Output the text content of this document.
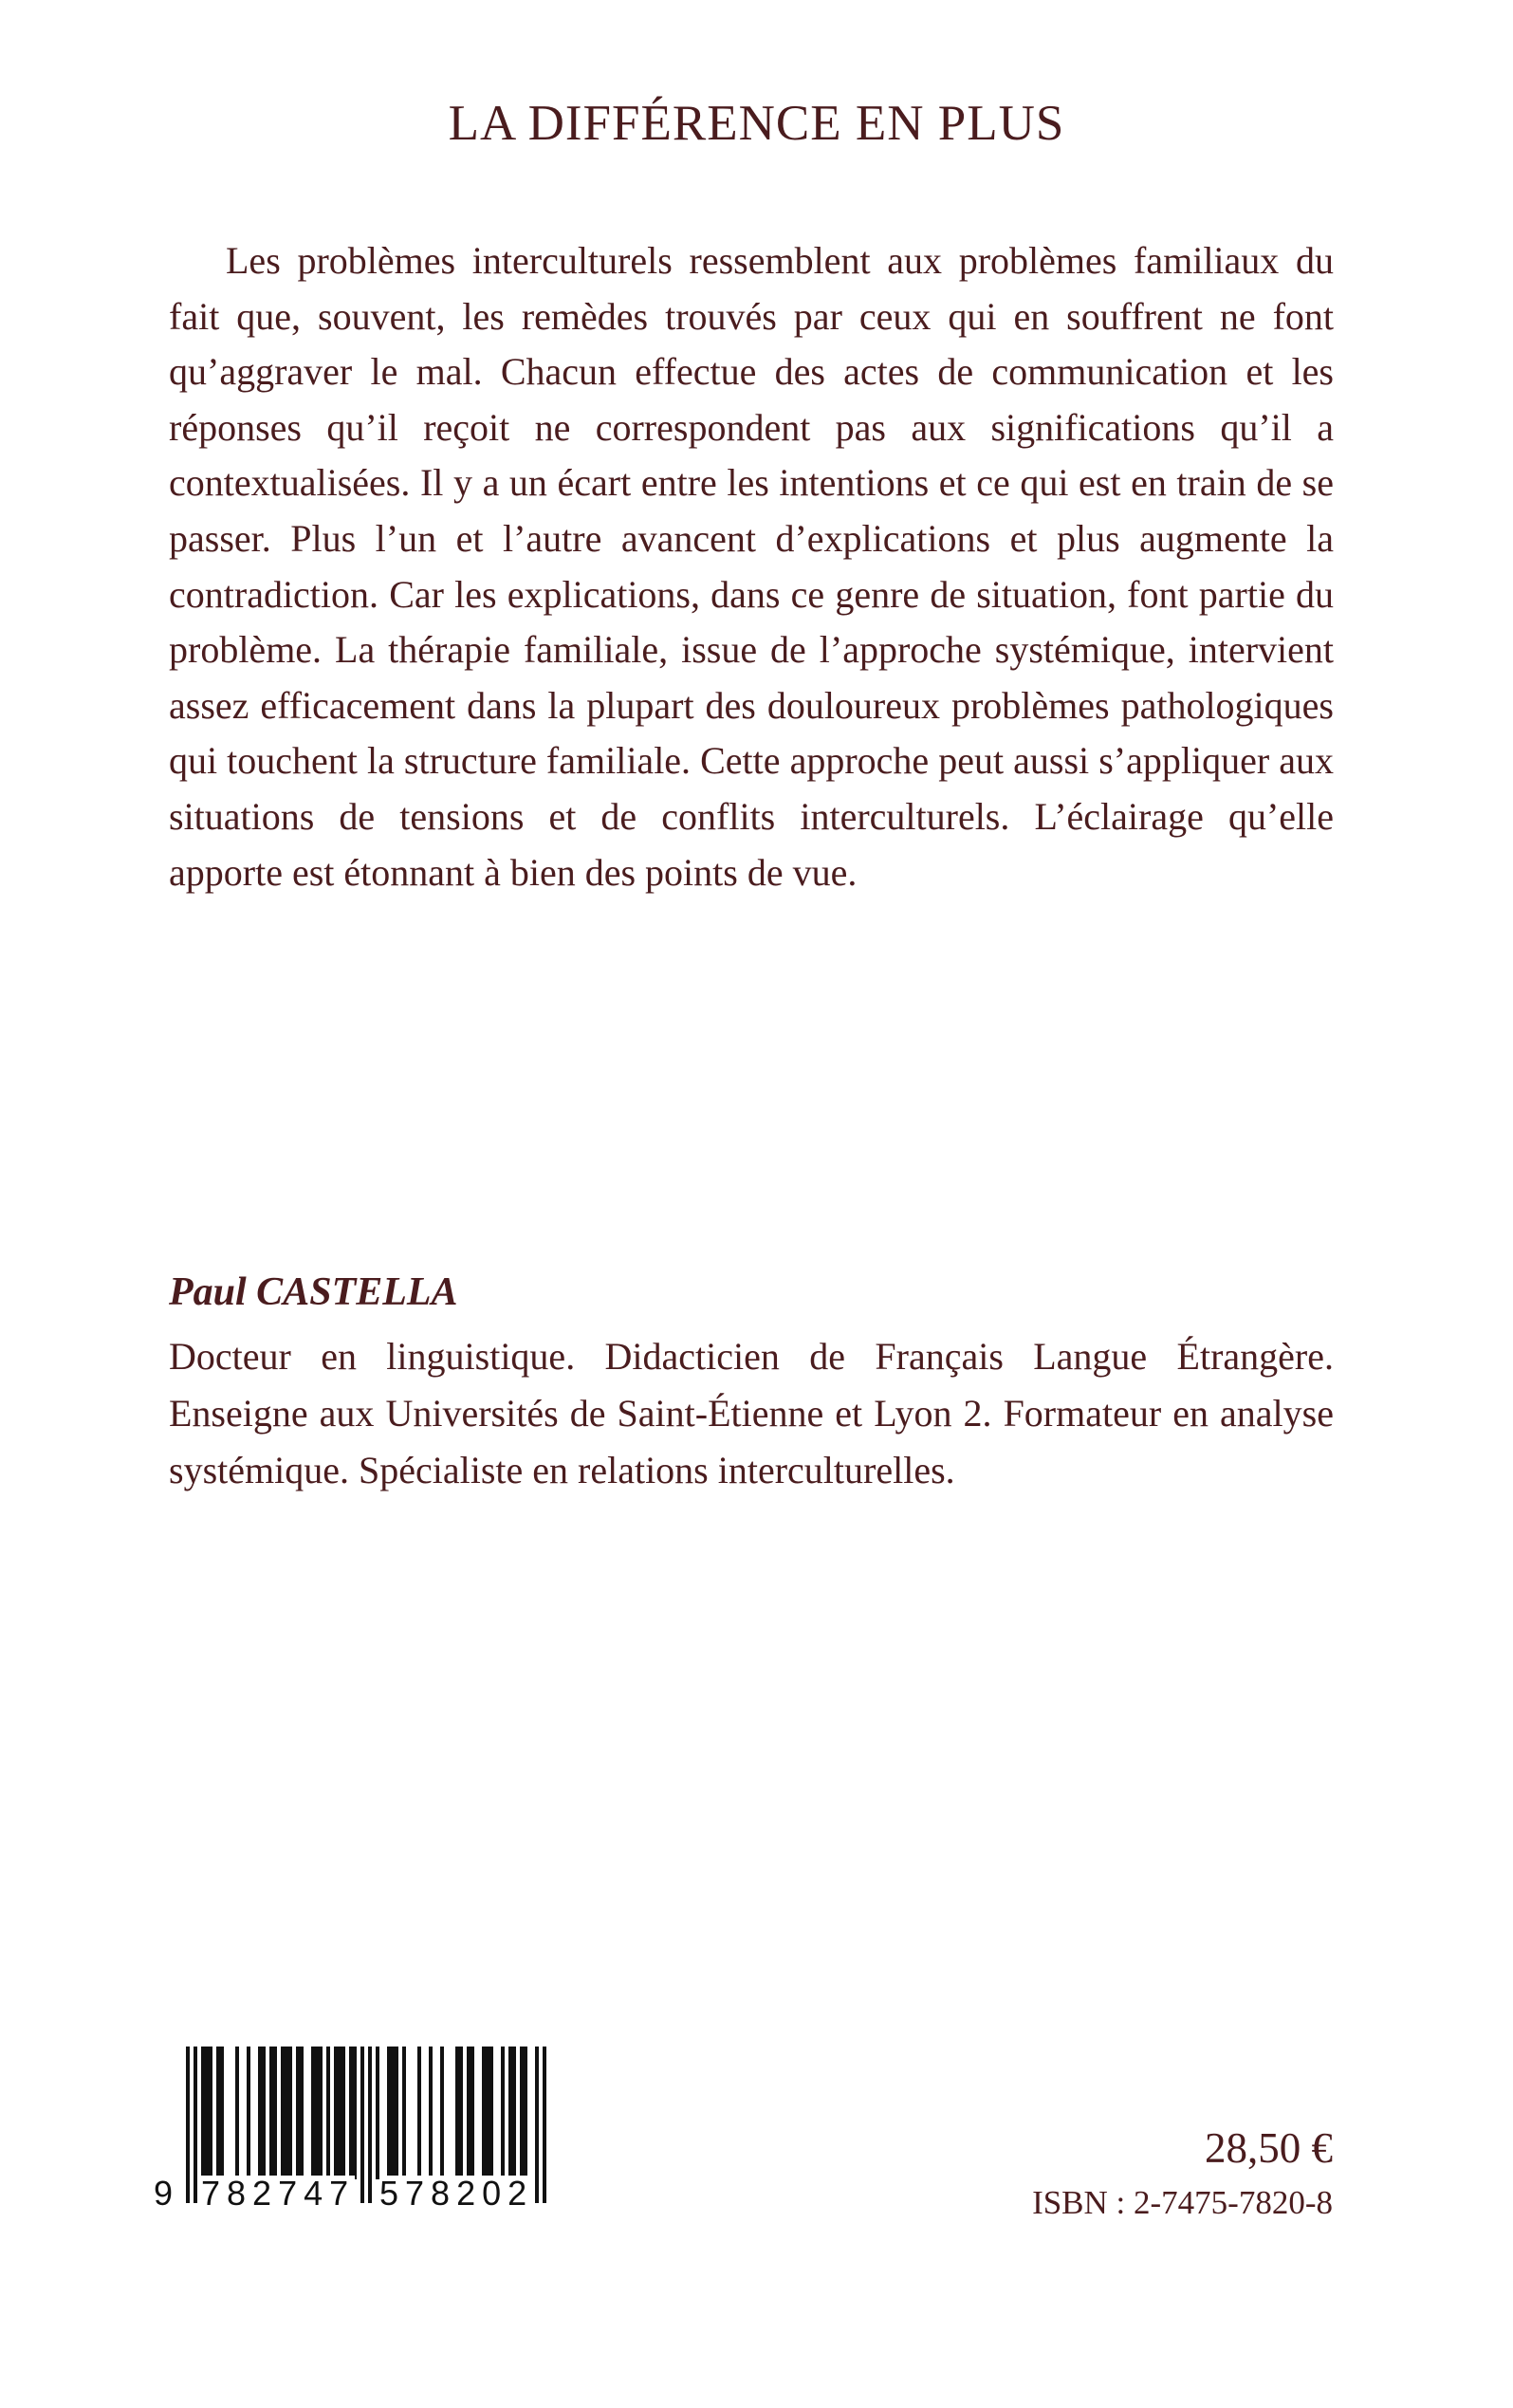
LA DIFFÉRENCE EN PLUS
Les problèmes interculturels ressemblent aux problèmes familiaux du fait que, souvent, les remèdes trouvés par ceux qui en souffrent ne font qu’aggraver le mal. Chacun effectue des actes de communication et les réponses qu’il reçoit ne correspondent pas aux significations qu’il a contextualisées. Il y a un écart entre les intentions et ce qui est en train de se passer. Plus l’un et l’autre avancent d’explications et plus augmente la contradiction. Car les explications, dans ce genre de situation, font partie du problème. La thérapie familiale, issue de l’approche systémique, intervient assez efficacement dans la plupart des douloureux problèmes pathologiques qui touchent la structure familiale. Cette approche peut aussi s’appliquer aux situations de tensions et de conflits interculturels. L’éclairage qu’elle apporte est étonnant à bien des points de vue.
Paul CASTELLA
Docteur en linguistique. Didacticien de Français Langue Étrangère. Enseigne aux Universités de Saint-Étienne et Lyon 2. Formateur en analyse systémique. Spécialiste en relations interculturelles.
9 782747 578202
28,50 €
ISBN : 2-7475-7820-8
